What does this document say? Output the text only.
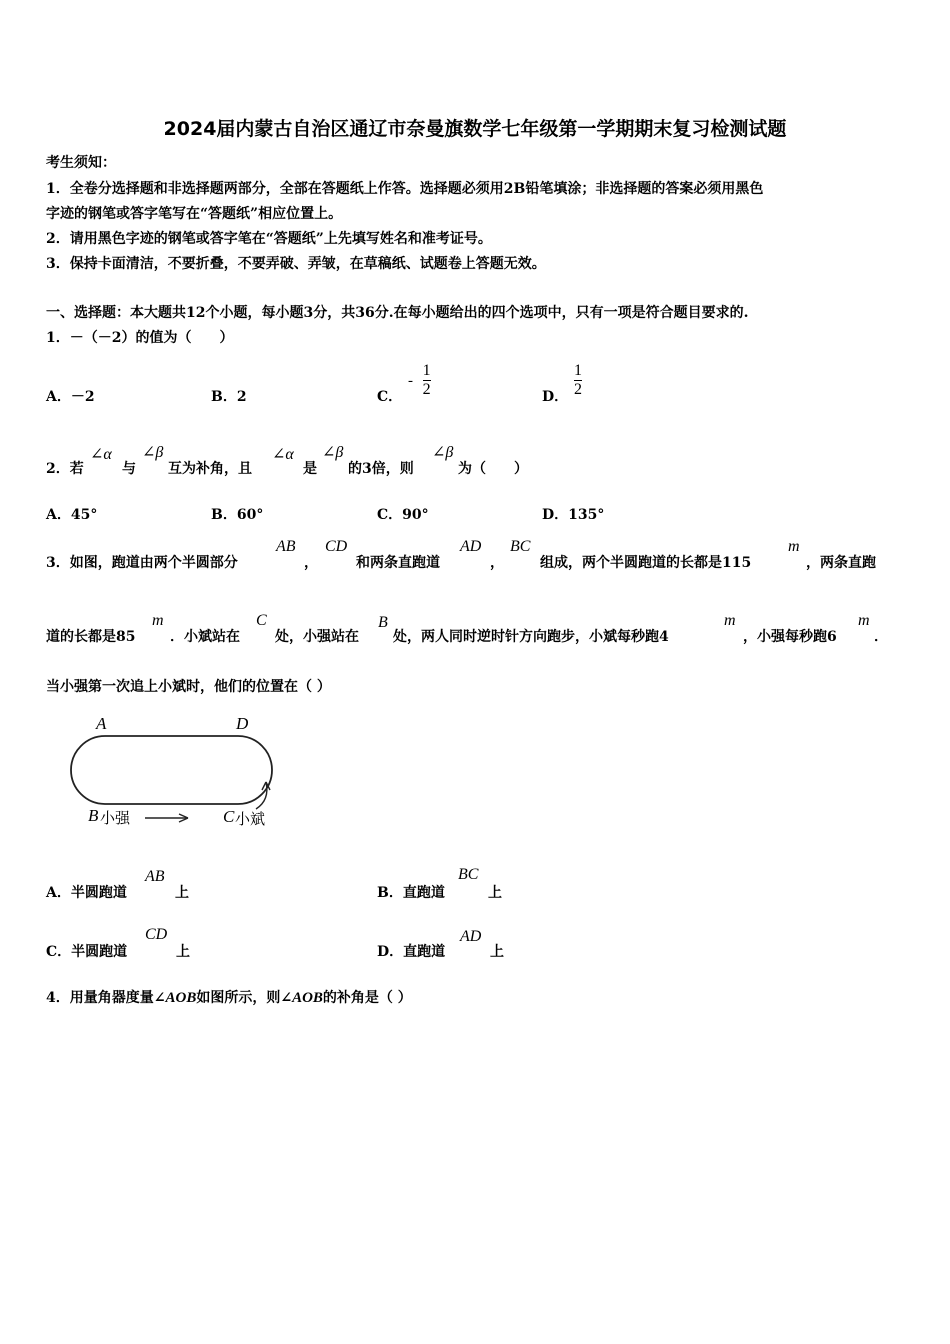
2024届内蒙古自治区通辽市奈曼旗数学七年级第一学期期末复习检测试题
考生须知：
1．全卷分选择题和非选择题两部分，全部在答题纸上作答。选择题必须用2B铅笔填涂；非选择题的答案必须用黑色
字迹的钢笔或答字笔写在“答题纸”相应位置上。
2．请用黑色字迹的钢笔或答字笔在“答题纸”上先填写姓名和准考证号。
3．保持卡面清洁，不要折叠，不要弄破、弄皱，在草稿纸、试题卷上答题无效。
一、选择题：本大题共12个小题，每小题3分，共36分.在每小题给出的四个选项中，只有一项是符合题目要求的.
1．－（－2）的值为（　　）
A．－2	B．2	C．
- $\frac{1}{2}$	D． $\frac{1}{2}$
2．若
∠α
与
∠β
互为补角，且
∠α
是
∠β
的3倍，则
∠β
为（　　）
A．45°	B．60°	C．90°	D．135°
3．如图，跑道由两个半圆部分
AB
，
CD
和两条直跑道
AD
，
BC
组成，两个半圆跑道的长都是115
m
，两条直跑
道的长都是85
m
．小斌站在
C
处，小强站在
B
处，两人同时逆时针方向跑步，小斌每秒跑4
m
，小强每秒跑6
m
．
当小强第一次追上小斌时，他们的位置在（ ）
A	D
B 小强	C 小斌
A．半圆跑道
AB
上	B．直跑道
BC
上
C．半圆跑道
CD
上	D．直跑道
AD
上
4．用量角器度量∠AOB如图所示，则∠AOB的补角是（ ）
